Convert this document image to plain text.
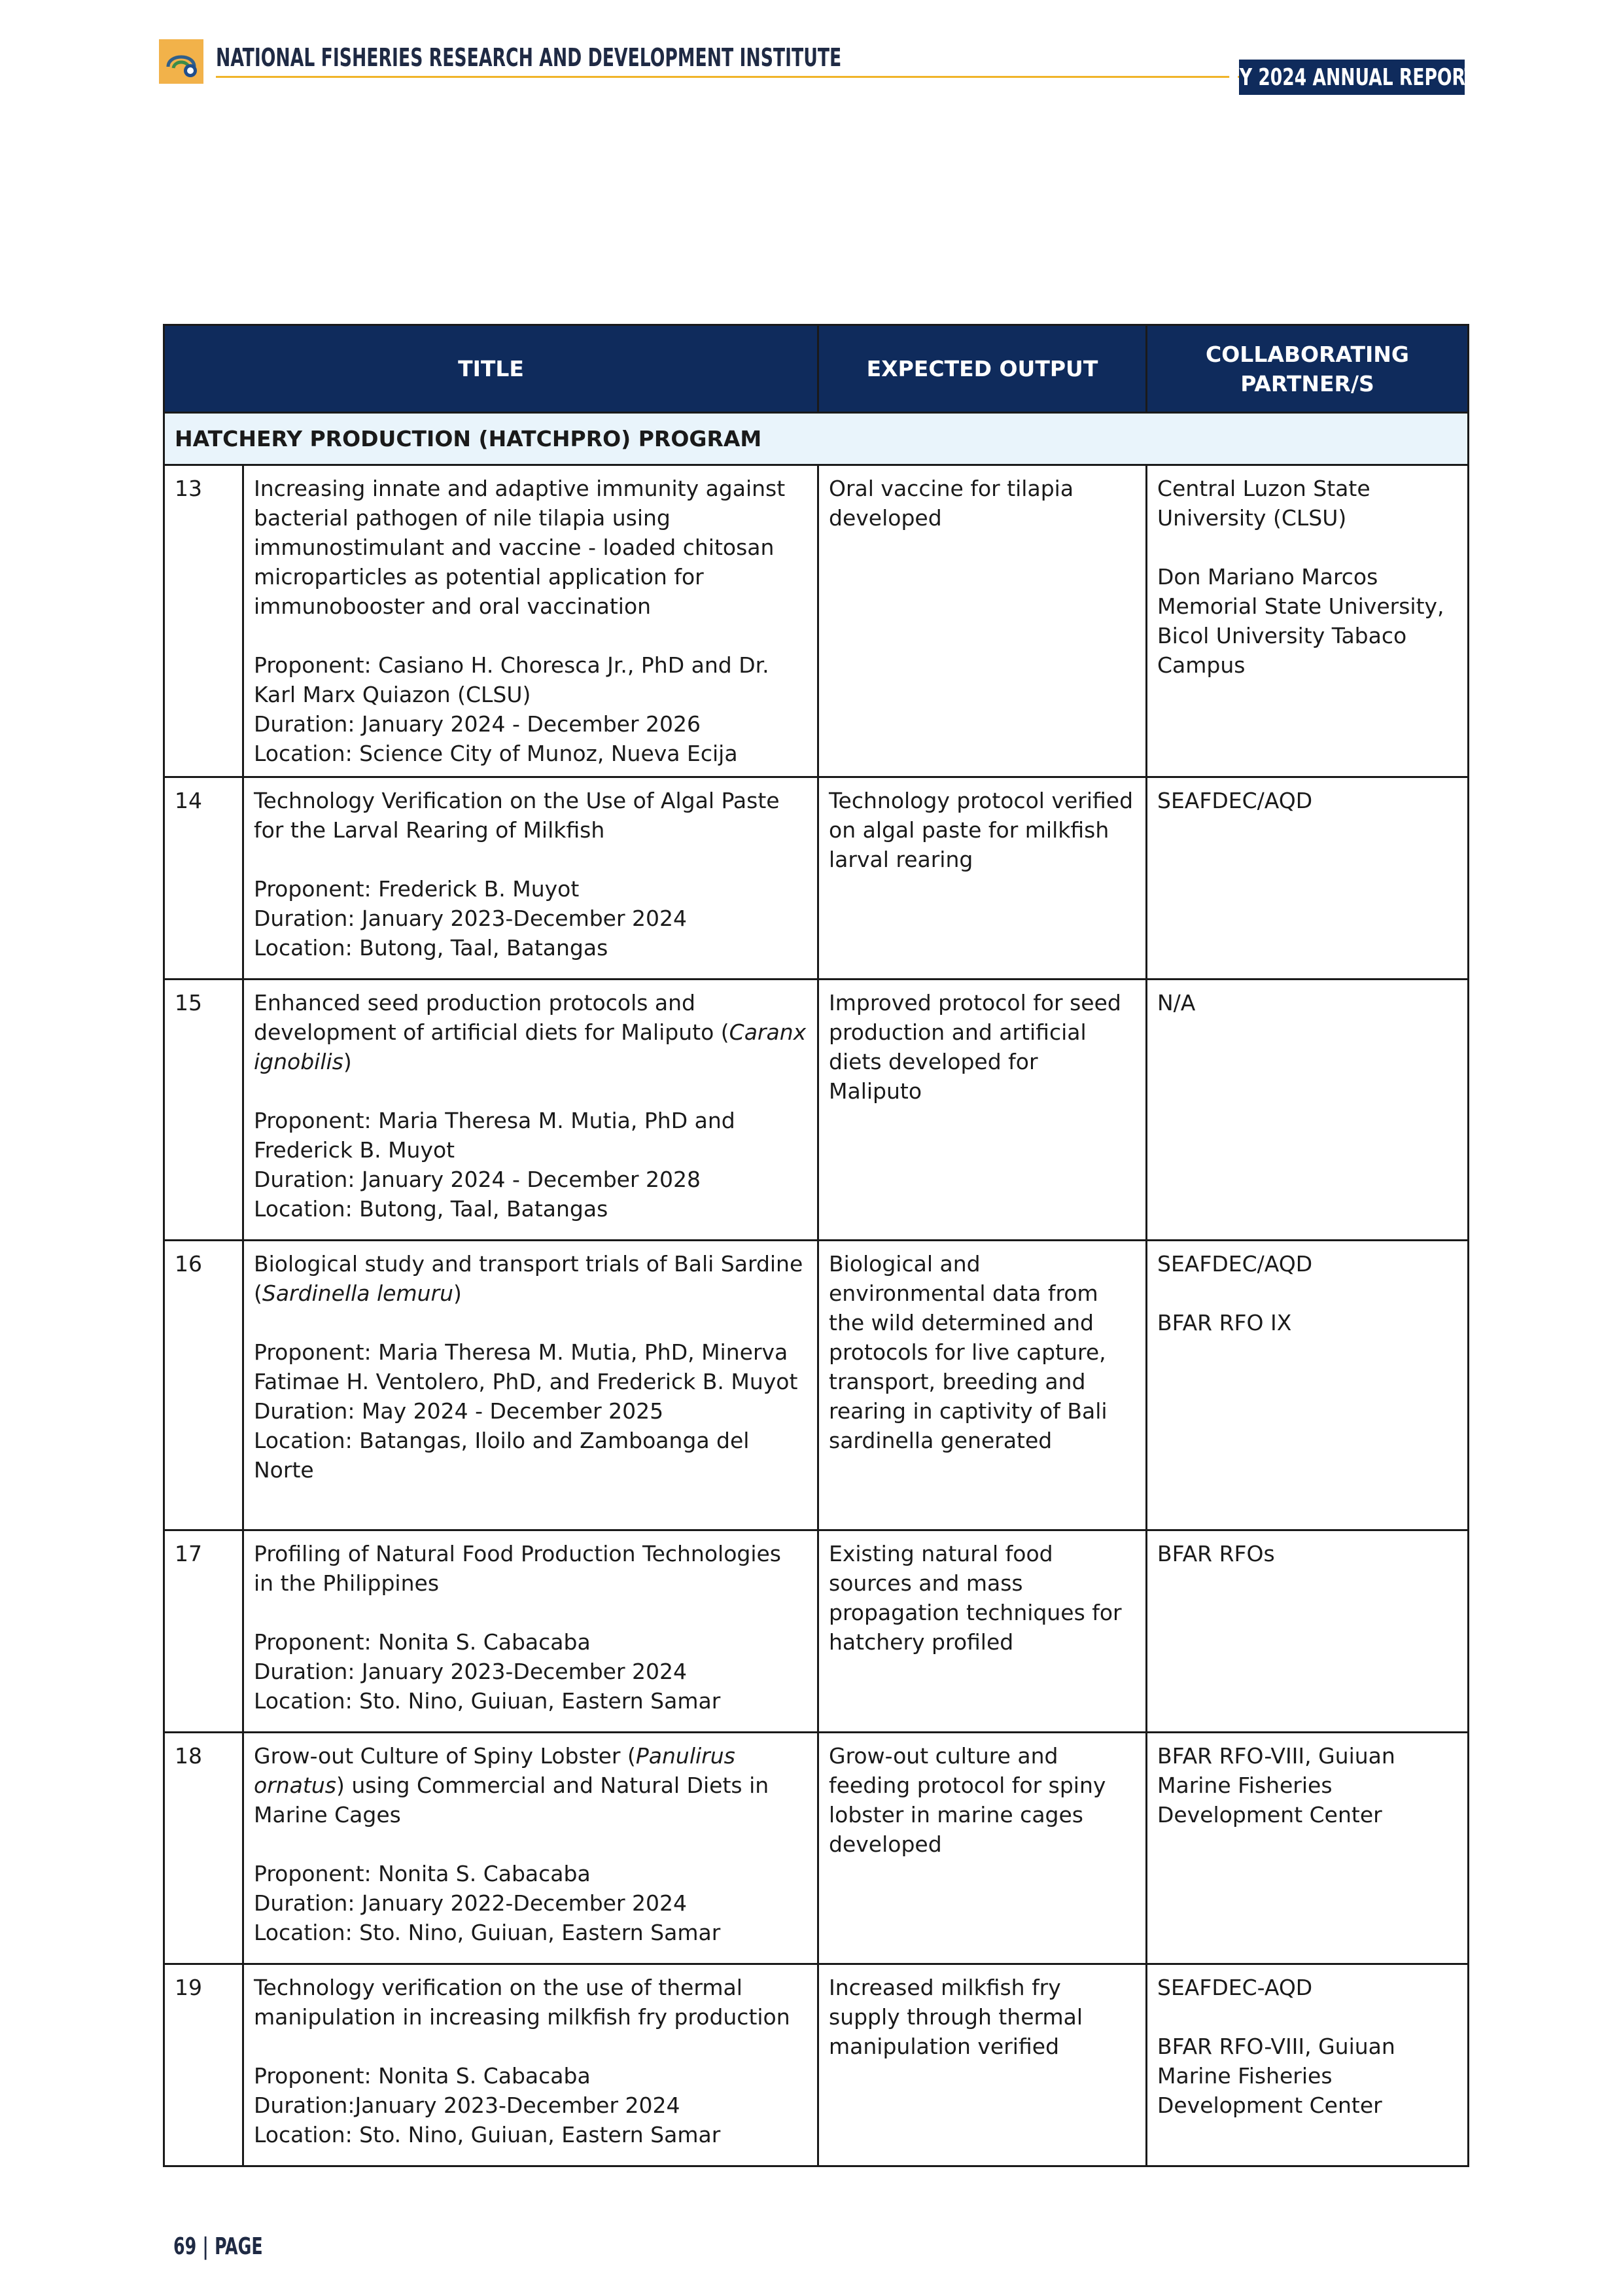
NATIONAL FISHERIES RESEARCH AND DEVELOPMENT INSTITUTE
FY 2024 ANNUAL REPORT
TITLE		EXPECTED OUTPUT	COLLABORATING PARTNER/S
HATCHERY PRODUCTION (HATCHPRO) PROGRAM			
13	Increasing innate and adaptive immunity against bacterial pathogen of nile tilapia using immunostimulant and vaccine - loaded chitosan microparticles as potential application for immunobooster and oral vaccination
Proponent: Casiano H. Choresca Jr., PhD and Dr. Karl Marx Quiazon (CLSU)
Duration: January 2024 - December 2026
Location: Science City of Munoz, Nueva Ecija	Oral vaccine for tilapia developed	Central Luzon State University (CLSU)
Don Mariano Marcos Memorial State University, Bicol University Tabaco Campus

14	Technology Verification on the Use of Algal Paste for the Larval Rearing of Milkfish
Proponent: Frederick B. Muyot
Duration: January 2023-December 2024
Location: Butong, Taal, Batangas	Technology protocol verified on algal paste for milkfish larval rearing	SEAFDEC/AQD

15	Enhanced seed production protocols and development of artificial diets for Maliputo (Caranx ignobilis)
Proponent: Maria Theresa M. Mutia, PhD and Frederick B. Muyot
Duration: January 2024 - December 2028
Location: Butong, Taal, Batangas	Improved protocol for seed production and artificial diets developed for Maliputo	N/A

16	Biological study and transport trials of Bali Sardine (Sardinella lemuru)
Proponent: Maria Theresa M. Mutia, PhD, Minerva Fatimae H. Ventolero, PhD, and Frederick B. Muyot
Duration: May 2024 - December 2025
Location: Batangas, Iloilo and Zamboanga del Norte	Biological and environmental data from the wild determined and protocols for live capture, transport, breeding and rearing in captivity of Bali sardinella generated	SEAFDEC/AQD
BFAR RFO IX

17	Profiling of Natural Food Production Technologies in the Philippines
Proponent: Nonita S. Cabacaba
Duration: January 2023-December 2024
Location: Sto. Nino, Guiuan, Eastern Samar	Existing natural food sources and mass propagation techniques for hatchery profiled	BFAR RFOs

18	Grow-out Culture of Spiny Lobster (Panulirus ornatus) using Commercial and Natural Diets in Marine Cages
Proponent: Nonita S. Cabacaba
Duration: January 2022-December 2024
Location: Sto. Nino, Guiuan, Eastern Samar	Grow-out culture and feeding protocol for spiny lobster in marine cages developed	BFAR RFO-VIII, Guiuan Marine Fisheries Development Center

19	Technology verification on the use of thermal manipulation in increasing milkfish fry production
Proponent: Nonita S. Cabacaba
Duration:January 2023-December 2024
Location: Sto. Nino, Guiuan, Eastern Samar	Increased milkfish fry supply through thermal manipulation verified	SEAFDEC-AQD
BFAR RFO-VIII, Guiuan Marine Fisheries Development Center
69 | PAGE
